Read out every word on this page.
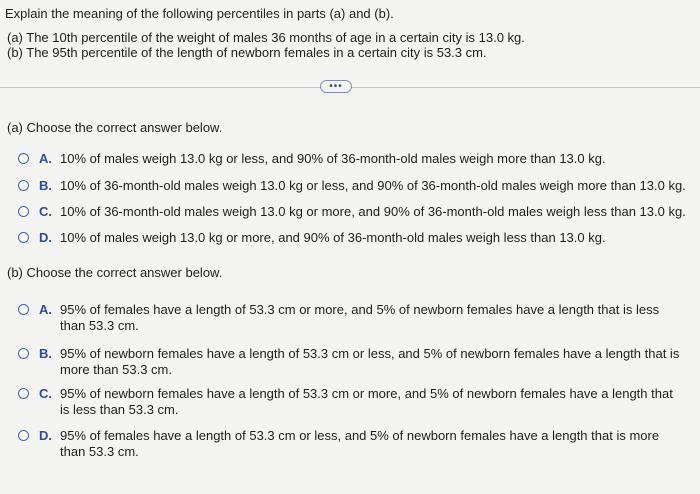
Explain the meaning of the following percentiles in parts (a) and (b).
(a) The 10th percentile of the weight of males 36 months of age in a certain city is 13.0 kg.
(b) The 95th percentile of the length of newborn females in a certain city is 53.3 cm.
•••
(a) Choose the correct answer below.
A. 10% of males weigh 13.0 kg or less, and 90% of 36-month-old males weigh more than 13.0 kg.
B. 10% of 36-month-old males weigh 13.0 kg or less, and 90% of 36-month-old males weigh more than 13.0 kg.
C. 10% of 36-month-old males weigh 13.0 kg or more, and 90% of 36-month-old males weigh less than 13.0 kg.
D. 10% of males weigh 13.0 kg or more, and 90% of 36-month-old males weigh less than 13.0 kg.
(b) Choose the correct answer below.
A. 95% of females have a length of 53.3 cm or more, and 5% of newborn females have a length that is less than 53.3 cm.
B. 95% of newborn females have a length of 53.3 cm or less, and 5% of newborn females have a length that is more than 53.3 cm.
C. 95% of newborn females have a length of 53.3 cm or more, and 5% of newborn females have a length that is less than 53.3 cm.
D. 95% of females have a length of 53.3 cm or less, and 5% of newborn females have a length that is more than 53.3 cm.
